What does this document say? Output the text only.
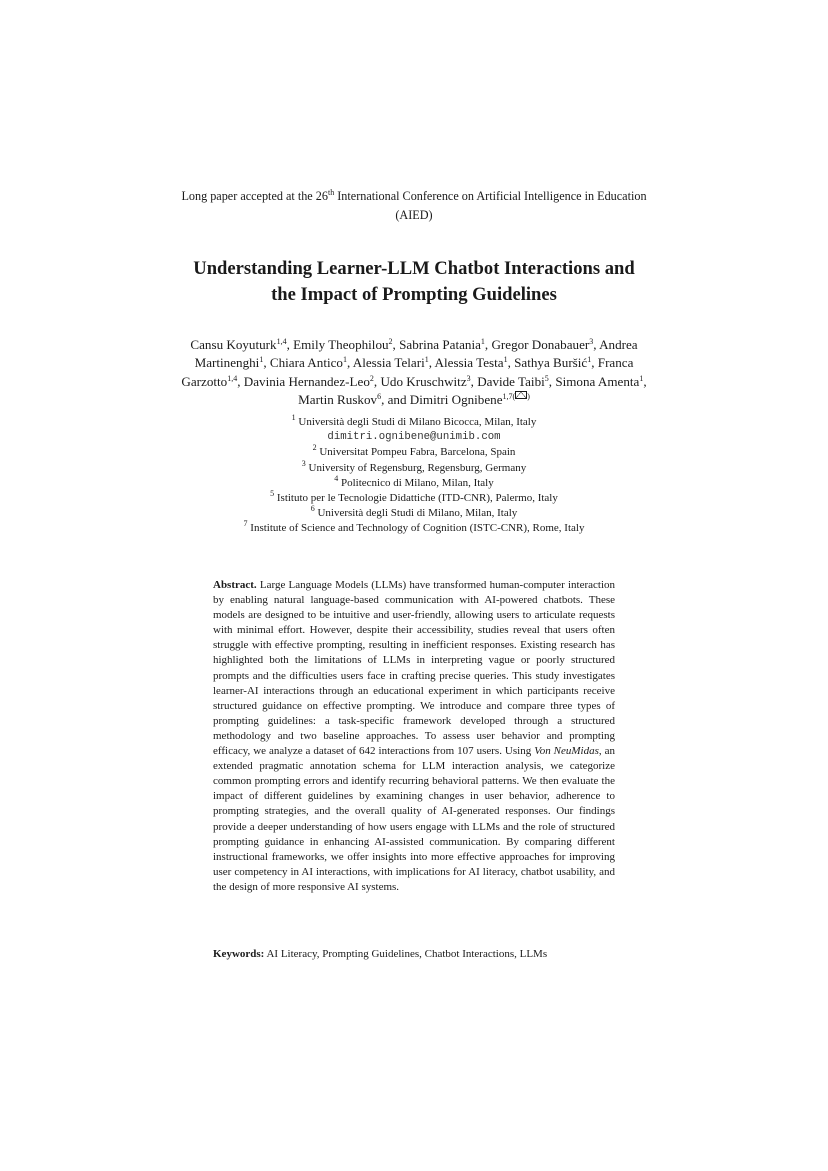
Long paper accepted at the 26th International Conference on Artificial Intelligence in Education
(AIED)
Understanding Learner-LLM Chatbot Interactions and
the Impact of Prompting Guidelines
Cansu Koyuturk$^{1,4}$, Emily Theophilou$^2$, Sabrina Patania$^1$, Gregor Donabauer$^3$, Andrea Martinenghi$^1$, Chiara Antico$^1$, Alessia Telari$^1$, Alessia Testa$^1$, Sathya Buršić$^1$, Franca Garzotto$^{1,4}$, Davinia Hernandez-Leo$^2$, Udo Kruschwitz$^3$, Davide Taibi$^5$, Simona Amenta$^1$, Martin Ruskov$^6$, and Dimitri Ognibene$^{1,7(}$ )
$^1$ Università degli Studi di Milano Bicocca, Milan, Italy
dimitri.ognibene@unimib.com
$^2$ Universitat Pompeu Fabra, Barcelona, Spain
$^3$ University of Regensburg, Regensburg, Germany
$^4$ Politecnico di Milano, Milan, Italy
$^5$ Istituto per le Tecnologie Didattiche (ITD-CNR), Palermo, Italy
$^6$ Università degli Studi di Milano, Milan, Italy
$^7$ Institute of Science and Technology of Cognition (ISTC-CNR), Rome, Italy

Abstract. Large Language Models (LLMs) have transformed human-computer interaction by enabling natural language-based communication with AI-powered chatbots. These models are designed to be intuitive and user-friendly, allowing users to articulate requests with minimal effort. However, despite their accessibility, studies reveal that users often struggle with effective prompting, resulting in inefficient responses. Existing research has highlighted both the limitations of LLMs in interpreting vague or poorly structured prompts and the difficulties users face in crafting precise queries. This study investigates learner-AI interactions through an educational experiment in which participants receive structured guidance on effective prompting. We introduce and compare three types of prompting guidelines: a task-specific framework developed through a structured methodology and two baseline approaches. To assess user behavior and prompting efficacy, we analyze a dataset of 642 interactions from 107 users. Using Von NeuMidas, an extended pragmatic annotation schema for LLM interaction analysis, we categorize common prompting errors and identify recurring behavioral patterns. We then evaluate the impact of different guidelines by examining changes in user behavior, adherence to prompting strategies, and the overall quality of AI-generated responses. Our findings provide a deeper understanding of how users engage with LLMs and the role of structured prompting guidance in enhancing AI-assisted communication. By comparing different instructional frameworks, we offer insights into more effective approaches for improving user competency in AI interactions, with implications for AI literacy, chatbot usability, and the design of more responsive AI systems.

Keywords: AI Literacy, Prompting Guidelines, Chatbot Interactions, LLMs
